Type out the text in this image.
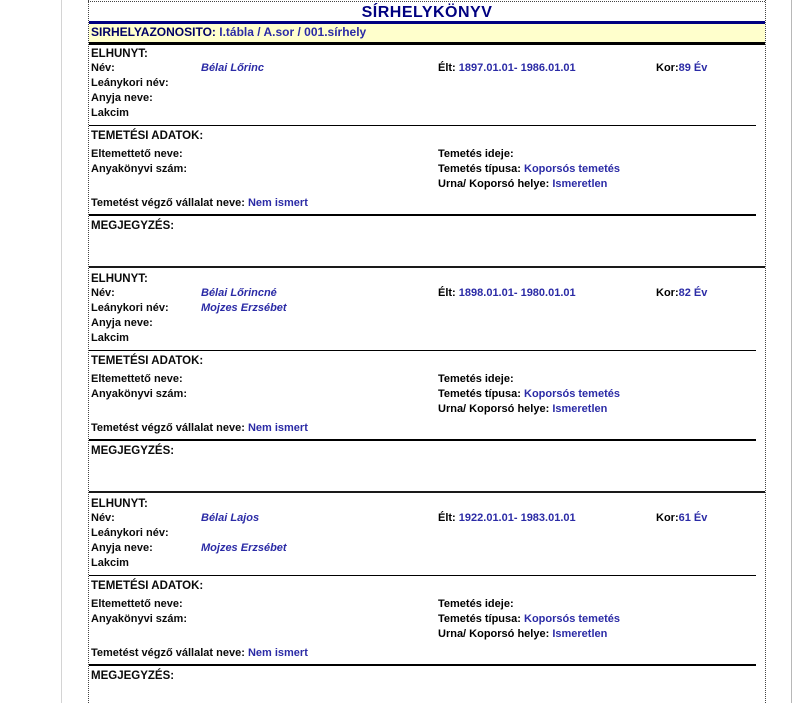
SÍRHELYKÖNYV
SIRHELYAZONOSITO: I.tábla / A.sor / 001.sírhely
ELHUNYT:
Név:	Bélai Lőrinc	Élt: 1897.01.01- 1986.01.01	Kor:89 Év
Leánykori név:
Anyja neve:
Lakcim
TEMETÉSI ADATOK:
Eltemettető neve:	Temetés ideje:
Anyakönyvi szám:	Temetés típusa: Koporsós temetés
Urna/ Koporsó helye: Ismeretlen
Temetést végző vállalat neve: Nem ismert
MEGJEGYZÉS:
ELHUNYT:
Név:	Bélai Lőrincné	Élt: 1898.01.01- 1980.01.01	Kor:82 Év
Leánykori név:	Mojzes Erzsébet
Anyja neve:
Lakcim
TEMETÉSI ADATOK:
Eltemettető neve:	Temetés ideje:
Anyakönyvi szám:	Temetés típusa: Koporsós temetés
Urna/ Koporsó helye: Ismeretlen
Temetést végző vállalat neve: Nem ismert
MEGJEGYZÉS:
ELHUNYT:
Név:	Bélai Lajos	Élt: 1922.01.01- 1983.01.01	Kor:61 Év
Leánykori név:
Anyja neve:	Mojzes Erzsébet
Lakcim
TEMETÉSI ADATOK:
Eltemettető neve:	Temetés ideje:
Anyakönyvi szám:	Temetés típusa: Koporsós temetés
Urna/ Koporsó helye: Ismeretlen
Temetést végző vállalat neve: Nem ismert
MEGJEGYZÉS:
